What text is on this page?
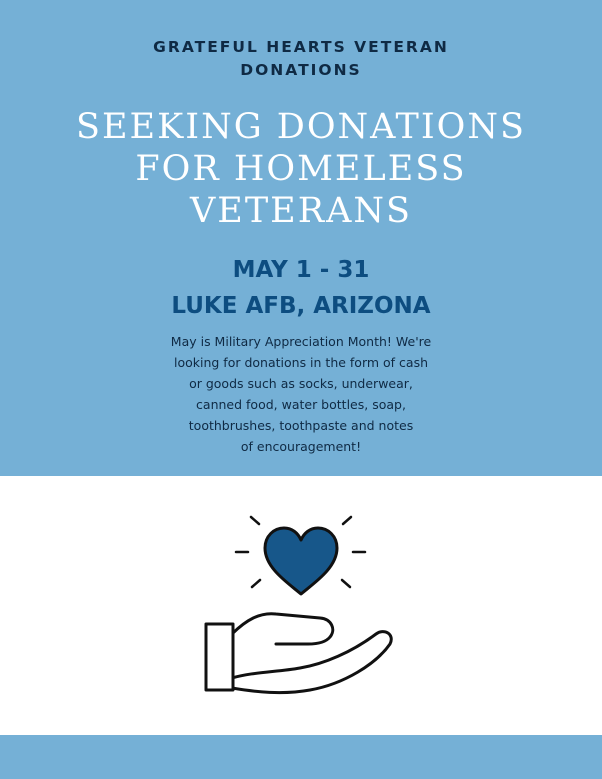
GRATEFUL HEARTS VETERAN
DONATIONS
SEEKING DONATIONS
FOR HOMELESS
VETERANS
MAY 1 - 31
LUKE AFB, ARIZONA
May is Military Appreciation Month! We're
looking for donations in the form of cash
or goods such as socks, underwear,
canned food, water bottles, soap,
toothbrushes, toothpaste and notes
of encouragement!
